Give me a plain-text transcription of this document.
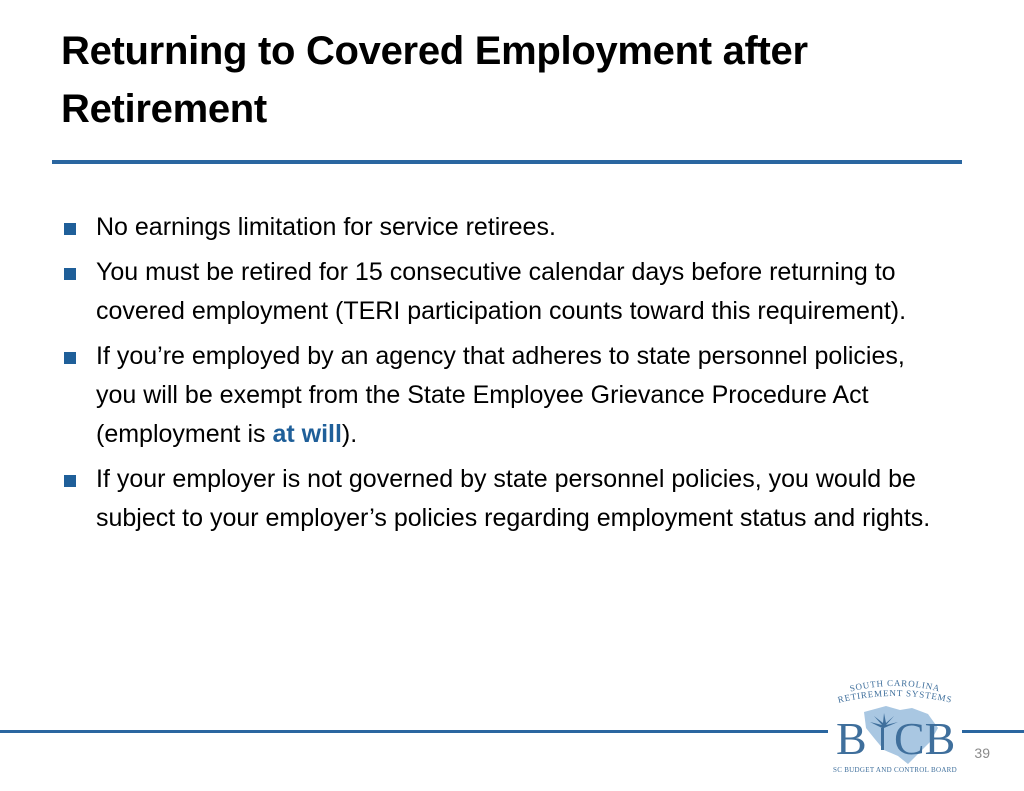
Returning to Covered Employment after
Retirement
No earnings limitation for service retirees.
You must be retired for 15 consecutive calendar days before returning to covered employment (TERI participation counts toward this requirement).
If you’re employed by an agency that adheres to state personnel policies, you will be exempt from the State Employee Grievance Procedure Act (employment is at will).
If your employer is not governed by state personnel policies, you would be subject to your employer’s policies regarding employment status and rights.
SOUTH CAROLINA
RETIREMENT SYSTEMS
B CB
SC BUDGET AND CONTROL BOARD
39
